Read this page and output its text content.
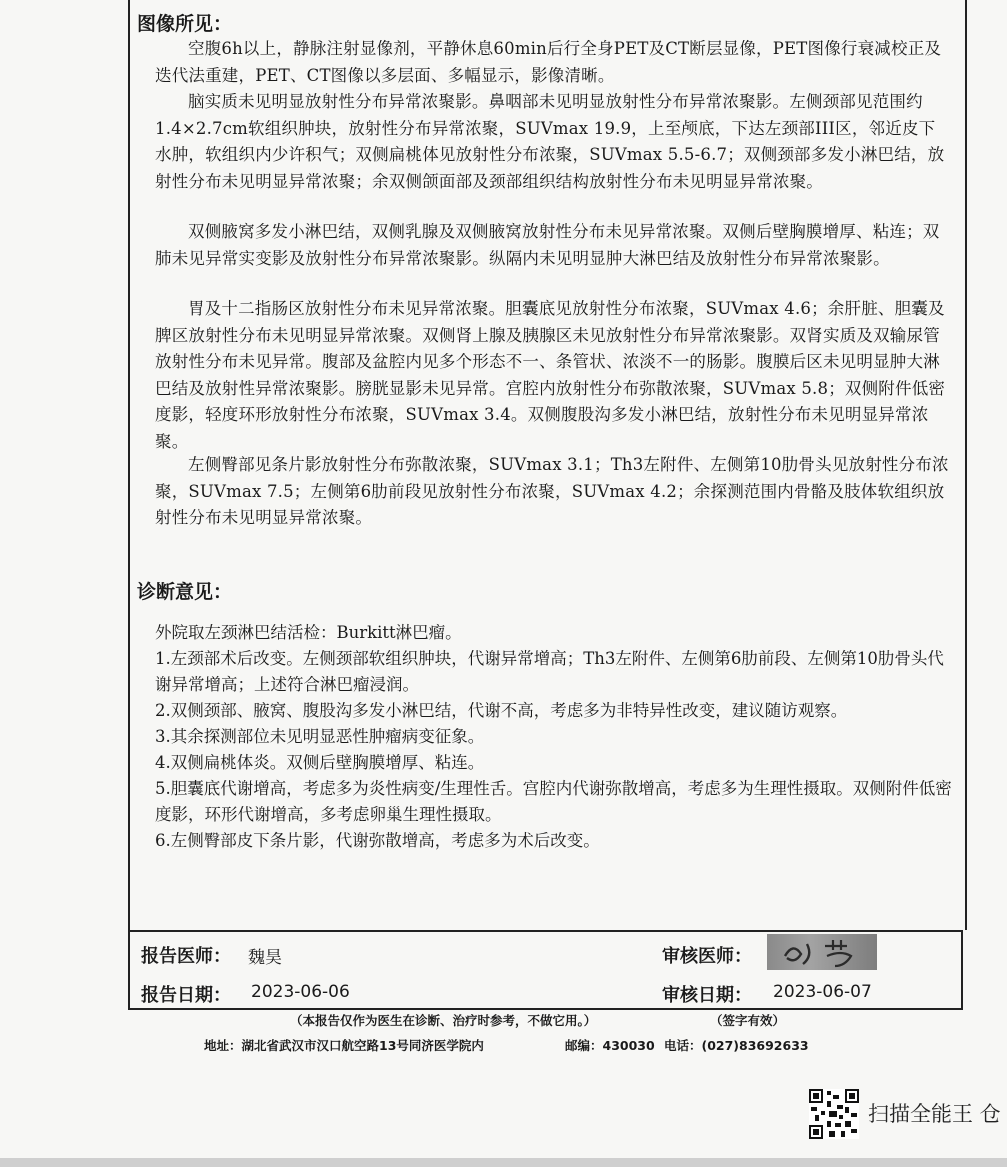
图像所见：

空腹6h以上，静脉注射显像剂，平静休息60min后行全身PET及CT断层显像，PET图像行衰减校正及迭代法重建，PET、CT图像以多层面、多幅显示，影像清晰。

脑实质未见明显放射性分布异常浓聚影。鼻咽部未见明显放射性分布异常浓聚影。左侧颈部见范围约1.4×2.7cm软组织肿块，放射性分布异常浓聚，SUVmax 19.9，上至颅底，下达左颈部III区，邻近皮下水肿，软组织内少许积气；双侧扁桃体见放射性分布浓聚，SUVmax 5.5-6.7；双侧颈部多发小淋巴结，放射性分布未见明显异常浓聚；余双侧颌面部及颈部组织结构放射性分布未见明显异常浓聚。

双侧腋窝多发小淋巴结，双侧乳腺及双侧腋窝放射性分布未见异常浓聚。双侧后壁胸膜增厚、粘连；双肺未见异常实变影及放射性分布异常浓聚影。纵隔内未见明显肿大淋巴结及放射性分布异常浓聚影。

胃及十二指肠区放射性分布未见异常浓聚。胆囊底见放射性分布浓聚，SUVmax 4.6；余肝脏、胆囊及脾区放射性分布未见明显异常浓聚。双侧肾上腺及胰腺区未见放射性分布异常浓聚影。双肾实质及双输尿管放射性分布未见异常。腹部及盆腔内见多个形态不一、条管状、浓淡不一的肠影。腹膜后区未见明显肿大淋巴结及放射性异常浓聚影。膀胱显影未见异常。宫腔内放射性分布弥散浓聚，SUVmax 5.8；双侧附件低密度影，轻度环形放射性分布浓聚，SUVmax 3.4。双侧腹股沟多发小淋巴结，放射性分布未见明显异常浓聚。

左侧臀部见条片影放射性分布弥散浓聚，SUVmax 3.1；Th3左附件、左侧第10肋骨头见放射性分布浓聚，SUVmax 7.5；左侧第6肋前段见放射性分布浓聚，SUVmax 4.2；余探测范围内骨骼及肢体软组织放射性分布未见明显异常浓聚。

诊断意见：

外院取左颈淋巴结活检：Burkitt淋巴瘤。

1.左颈部术后改变。左侧颈部软组织肿块，代谢异常增高；Th3左附件、左侧第6肋前段、左侧第10肋骨头代谢异常增高；上述符合淋巴瘤浸润。

2.双侧颈部、腋窝、腹股沟多发小淋巴结，代谢不高，考虑多为非特异性改变，建议随访观察。

3.其余探测部位未见明显恶性肿瘤病变征象。

4.双侧扁桃体炎。双侧后壁胸膜增厚、粘连。

5.胆囊底代谢增高，考虑多为炎性病变/生理性舌。宫腔内代谢弥散增高，考虑多为生理性摄取。双侧附件低密度影，环形代谢增高，多考虑卵巢生理性摄取。

6.左侧臀部皮下条片影，代谢弥散增高，考虑多为术后改变。

报告医师： 魏昊	审核医师：
报告日期： 2023-06-06	审核日期： 2023-06-07
（本报告仅作为医生在诊断、治疗时参考，不做它用。）	（签字有效）
地址：湖北省武汉市汉口航空路13号同济医学院内	邮编：430030 电话：(027)83692633
扫描全能王 仓
